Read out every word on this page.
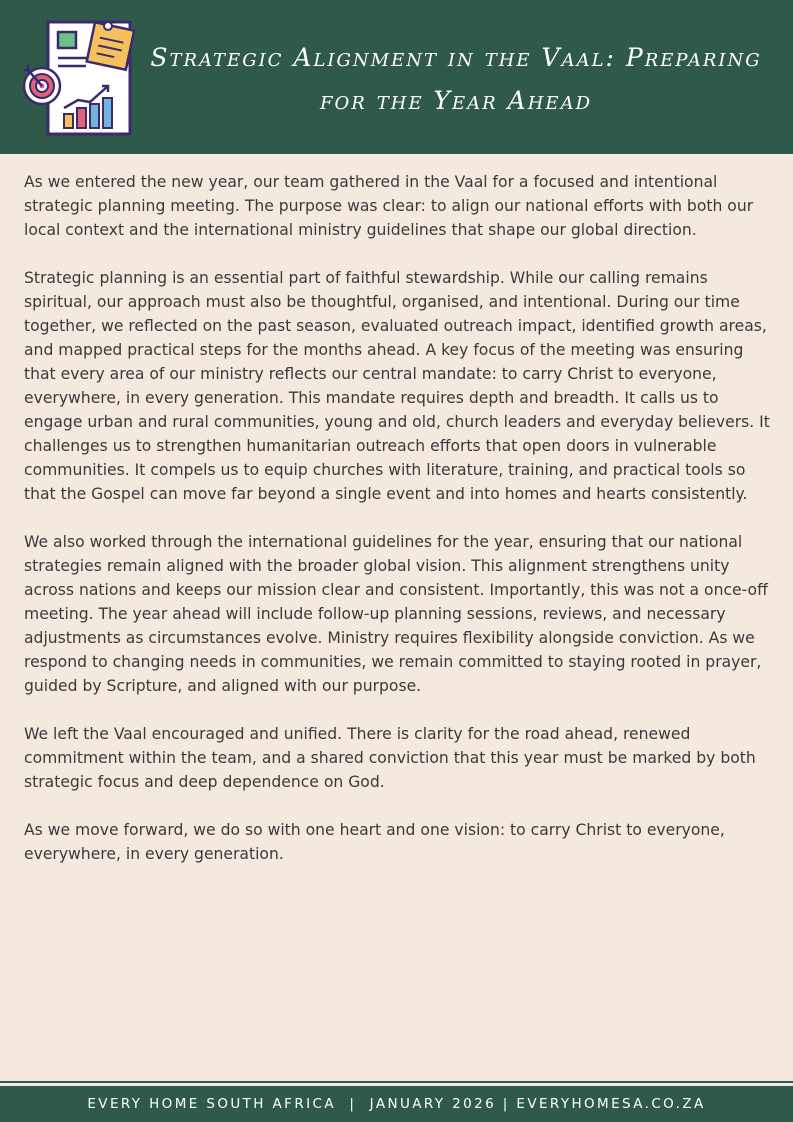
Strategic Alignment in the Vaal: Preparing for the Year Ahead

As we entered the new year, our team gathered in the Vaal for a focused and intentional strategic planning meeting. The purpose was clear: to align our national efforts with both our local context and the international ministry guidelines that shape our global direction.

Strategic planning is an essential part of faithful stewardship. While our calling remains spiritual, our approach must also be thoughtful, organised, and intentional. During our time together, we reflected on the past season, evaluated outreach impact, identified growth areas, and mapped practical steps for the months ahead. A key focus of the meeting was ensuring that every area of our ministry reflects our central mandate: to carry Christ to everyone, everywhere, in every generation. This mandate requires depth and breadth. It calls us to engage urban and rural communities, young and old, church leaders and everyday believers. It challenges us to strengthen humanitarian outreach efforts that open doors in vulnerable communities. It compels us to equip churches with literature, training, and practical tools so that the Gospel can move far beyond a single event and into homes and hearts consistently.

We also worked through the international guidelines for the year, ensuring that our national strategies remain aligned with the broader global vision. This alignment strengthens unity across nations and keeps our mission clear and consistent. Importantly, this was not a once-off meeting. The year ahead will include follow-up planning sessions, reviews, and necessary adjustments as circumstances evolve. Ministry requires flexibility alongside conviction. As we respond to changing needs in communities, we remain committed to staying rooted in prayer, guided by Scripture, and aligned with our purpose.

We left the Vaal encouraged and unified. There is clarity for the road ahead, renewed commitment within the team, and a shared conviction that this year must be marked by both strategic focus and deep dependence on God.

As we move forward, we do so with one heart and one vision: to carry Christ to everyone, everywhere, in every generation.

EVERY HOME SOUTH AFRICA  |  JANUARY 2026 | EVERYHOMESA.CO.ZA
